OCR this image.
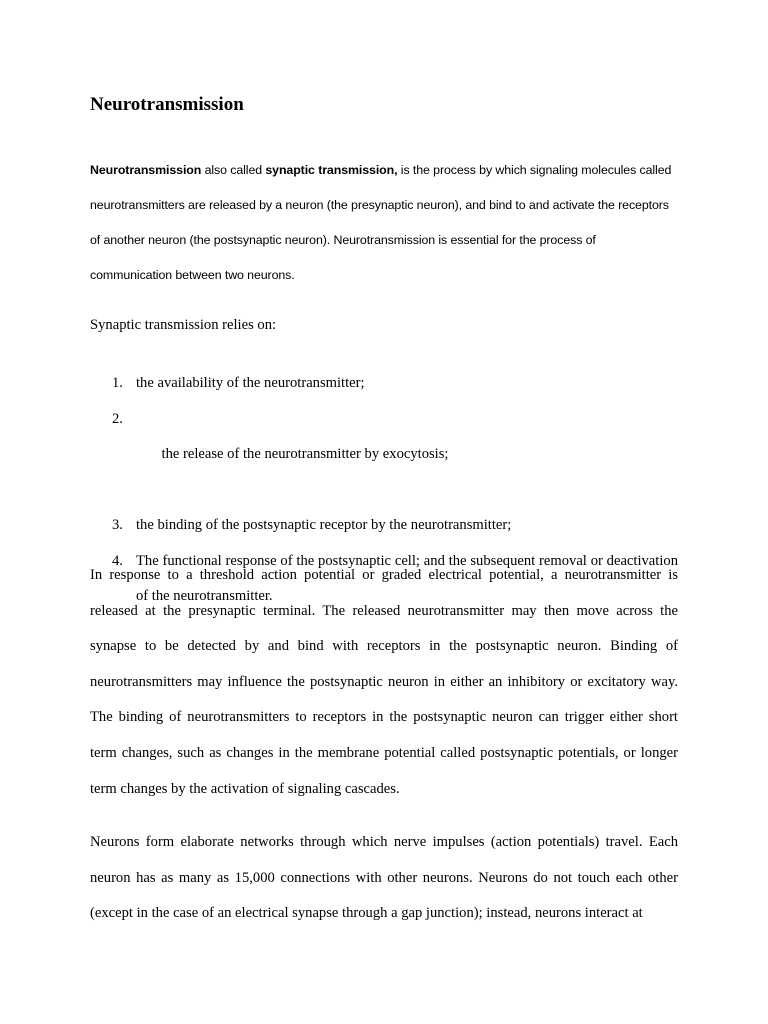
Neurotransmission

Neurotransmission also called synaptic transmission, is the process by which signaling molecules called neurotransmitters are released by a neuron (the presynaptic neuron), and bind to and activate the receptors of another neuron (the postsynaptic neuron). Neurotransmission is essential for the process of communication between two neurons.

Synaptic transmission relies on:

1. the availability of the neurotransmitter;

2.
the release of the neurotransmitter by exocytosis;

3. the binding of the postsynaptic receptor by the neurotransmitter;
4. The functional response of the postsynaptic cell; and the subsequent removal or deactivation of the neurotransmitter.

In response to a threshold action potential or graded electrical potential, a neurotransmitter is released at the presynaptic terminal. The released neurotransmitter may then move across the synapse to be detected by and bind with receptors in the postsynaptic neuron. Binding of neurotransmitters may influence the postsynaptic neuron in either an inhibitory or excitatory way. The binding of neurotransmitters to receptors in the postsynaptic neuron can trigger either short term changes, such as changes in the membrane potential called postsynaptic potentials, or longer term changes by the activation of signaling cascades.

Neurons form elaborate networks through which nerve impulses (action potentials) travel. Each neuron has as many as 15,000 connections with other neurons. Neurons do not touch each other (except in the case of an electrical synapse through a gap junction); instead, neurons interact at
